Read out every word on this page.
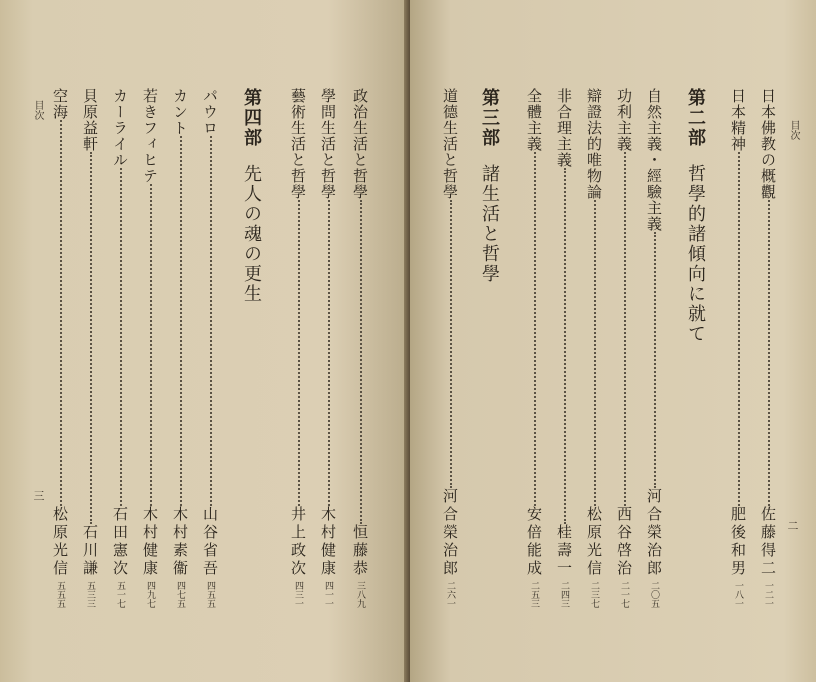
目次
三
空海
松原光信
五五五
貝原益軒
石川謙
五三三
カーライル
石田憲次
五一七
若きフィヒテ
木村健康
四九七
カント
木村素衞
四七五
パウロ
山谷省吾
四五五
第四部先人の魂の更生
藝術生活と哲學
井上政次
四三一
學問生活と哲學
木村健康
四一一
政治生活と哲學
恒藤恭
三八九
道德生活と哲學
河合榮治郎
二六一
第三部諸生活と哲學
全體主義
安倍能成
二五三
非合理主義
桂壽一
二四三
辯證法的唯物論
松原光信
二三七
功利主義
西谷啓治
二一七
自然主義・經驗主義
河合榮治郎
二〇五
第二部哲學的諸傾向に就て
日本精神
肥後和男
一八一
日本佛教の概觀
佐藤得二
一二一
目次
二
